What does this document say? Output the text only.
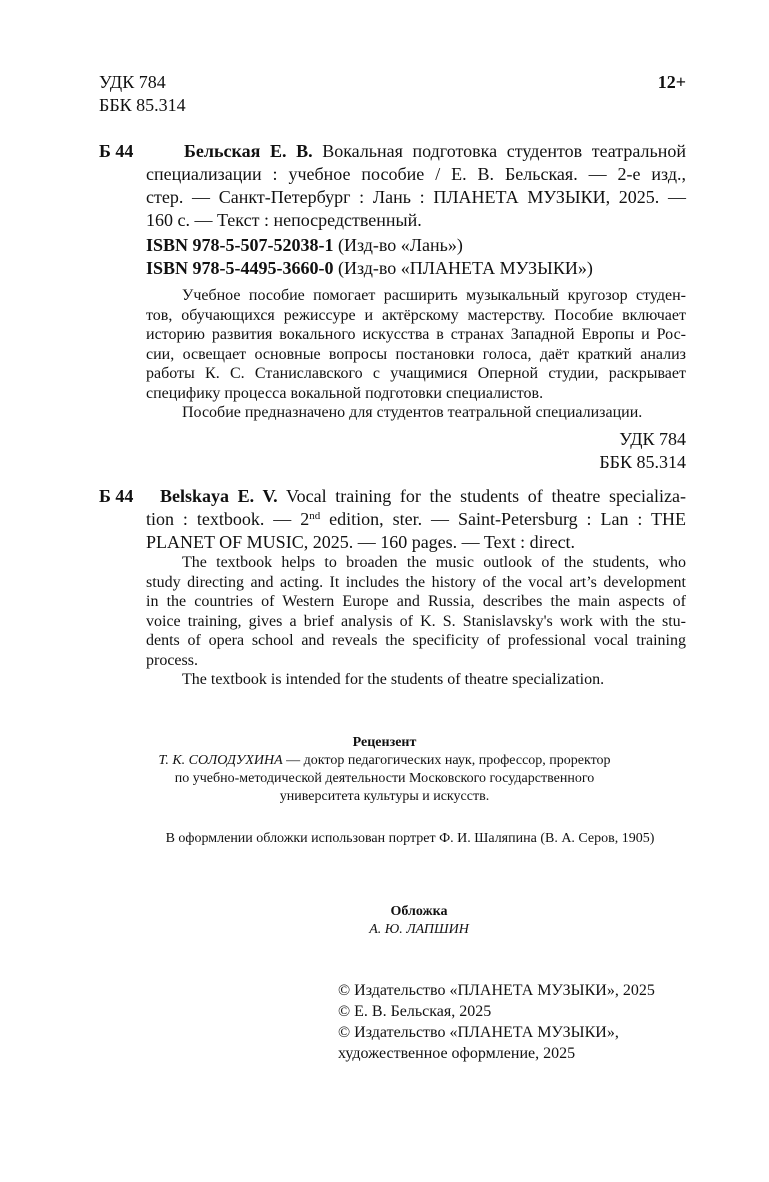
УДК 784
ББК 85.314
12+
Б 44	Бельская Е. В. Вокальная подготовка студентов театральной
специализации : учебное пособие / Е. В. Бельская. — 2-е изд.,
стер. — Санкт-Петербург : Лань : ПЛАНЕТА МУЗЫКИ, 2025. —
160 с. — Текст : непосредственный.
ISBN 978-5-507-52038-1 (Изд-во «Лань»)
ISBN 978-5-4495-3660-0 (Изд-во «ПЛАНЕТА МУЗЫКИ»)
Учебное пособие помогает расширить музыкальный кругозор студен-
тов, обучающихся режиссуре и актёрскому мастерству. Пособие включает
историю развития вокального искусства в странах Западной Европы и Рос-
сии, освещает основные вопросы постановки голоса, даёт краткий анализ
работы К. С. Станиславского с учащимися Оперной студии, раскрывает
специфику процесса вокальной подготовки специалистов.
Пособие предназначено для студентов театральной специализации.
УДК 784
ББК 85.314
Б 44	Belskaya E. V. Vocal training for the students of theatre specializa-
tion : textbook. — 2nd edition, ster. — Saint-Petersburg : Lan : THE
PLANET OF MUSIC, 2025. — 160 pages. — Text : direct.
The textbook helps to broaden the music outlook of the students, who
study directing and acting. It includes the history of the vocal art’s development
in the countries of Western Europe and Russia, describes the main aspects of
voice training, gives a brief analysis of K. S. Stanislavsky's work with the stu-
dents of opera school and reveals the specificity of professional vocal training
process.
The textbook is intended for the students of theatre specialization.
Рецензент
Т. К. СОЛОДУХИНА — доктор педагогических наук, профессор, проректор
по учебно-методической деятельности Московского государственного
университета культуры и искусств.
В оформлении обложки использован портрет Ф. И. Шаляпина (В. А. Серов, 1905)
Обложка
А. Ю. ЛАПШИН
© Издательство «ПЛАНЕТА МУЗЫКИ», 2025
© Е. В. Бельская, 2025
© Издательство «ПЛАНЕТА МУЗЫКИ»,
художественное оформление, 2025
